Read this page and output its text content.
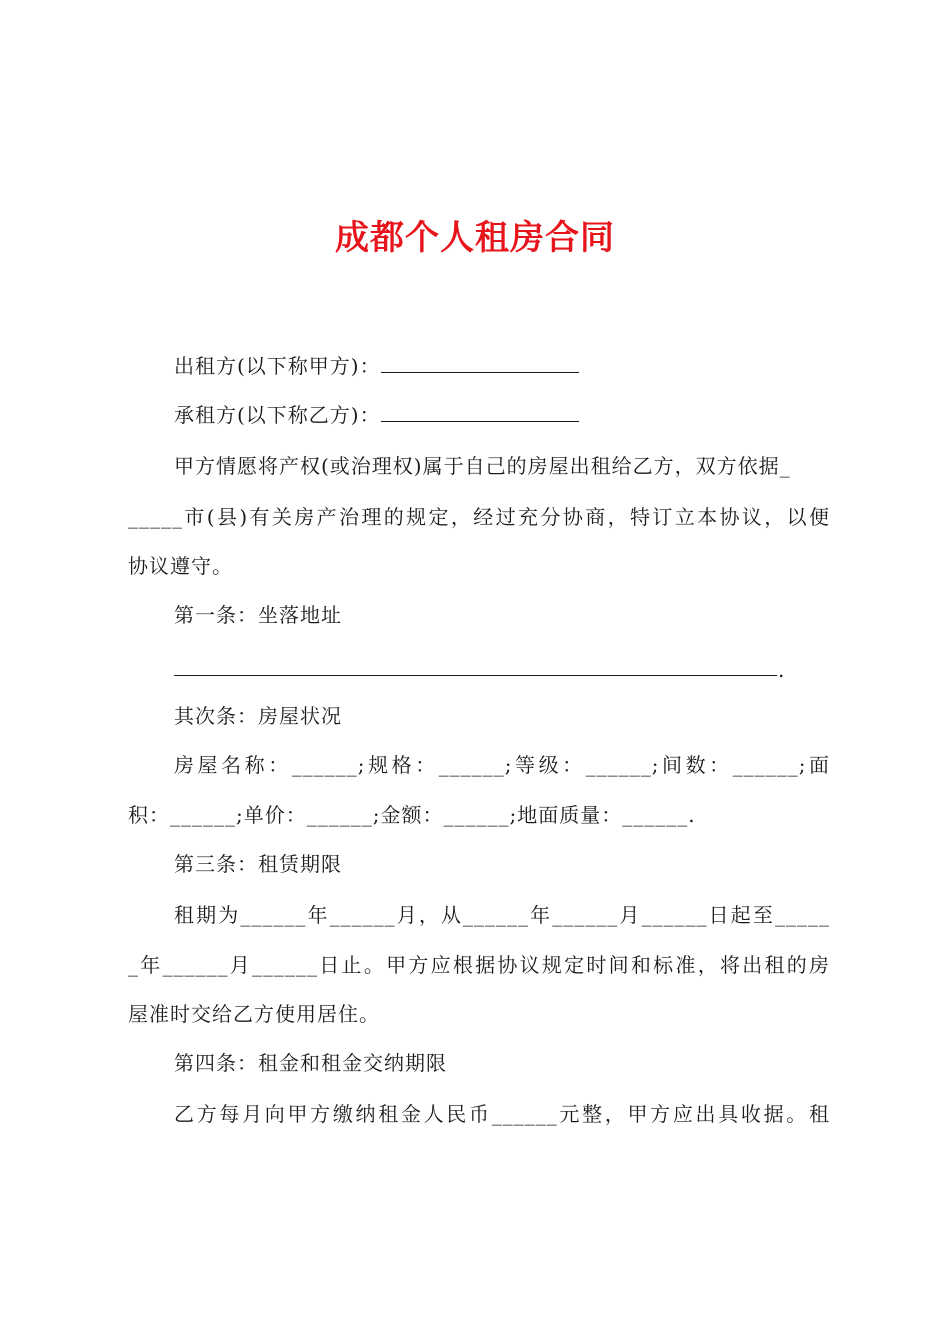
成都个人租房合同
出租方(以下称甲方)：
承租方(以下称乙方)：
甲方情愿将产权(或治理权)属于自己的房屋出租给乙方，双方依据_
_____市(县)有关房产治理的规定，经过充分协商，特订立本协议，以便
协议遵守。
第一条：坐落地址
.
其次条：房屋状况
房屋名称：______;规格：______;等级：______;间数：______;面
积：______;单价：______;金额：______;地面质量：______.
第三条：租赁期限
租期为______年______月，从______年______月______日起至_____
_年______月______日止。甲方应根据协议规定时间和标准，将出租的房
屋准时交给乙方使用居住。
第四条：租金和租金交纳期限
乙方每月向甲方缴纳租金人民币______元整，甲方应出具收据。租
